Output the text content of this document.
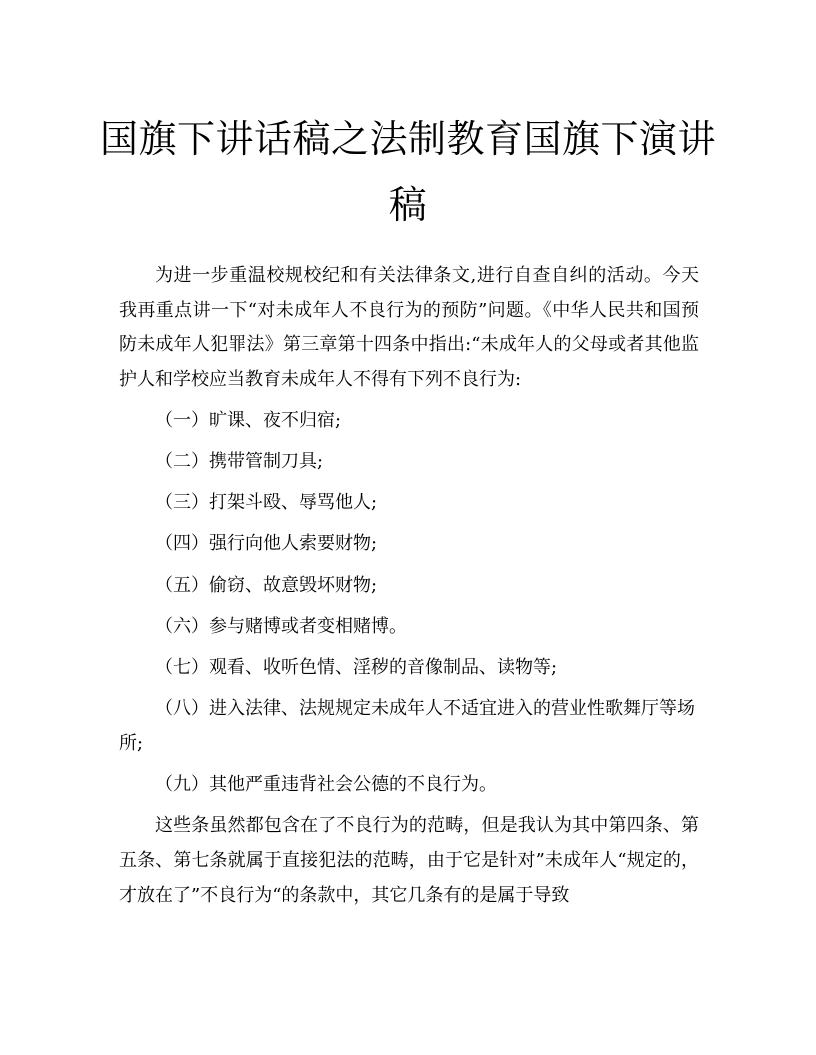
国旗下讲话稿之法制教育国旗下演讲稿

为进一步重温校规校纪和有关法律条文,进行自查自纠的活动。今天我再重点讲一下“对未成年人不良行为的预防”问题。《中华人民共和国预防未成年人犯罪法》第三章第十四条中指出:“未成年人的父母或者其他监护人和学校应当教育未成年人不得有下列不良行为:

（一）旷课、夜不归宿;

（二）携带管制刀具;

（三）打架斗殴、辱骂他人;

（四）强行向他人索要财物;

（五）偷窃、故意毁坏财物;

（六）参与赌博或者变相赌博。

（七）观看、收听色情、淫秽的音像制品、读物等;

（八）进入法律、法规规定未成年人不适宜进入的营业性歌舞厅等场所;

（九）其他严重违背社会公德的不良行为。

这些条虽然都包含在了不良行为的范畴，但是我认为其中第四条、第五条、第七条就属于直接犯法的范畴，由于它是针对”未成年人“规定的，才放在了”不良行为“的条款中，其它几条有的是属于导致
